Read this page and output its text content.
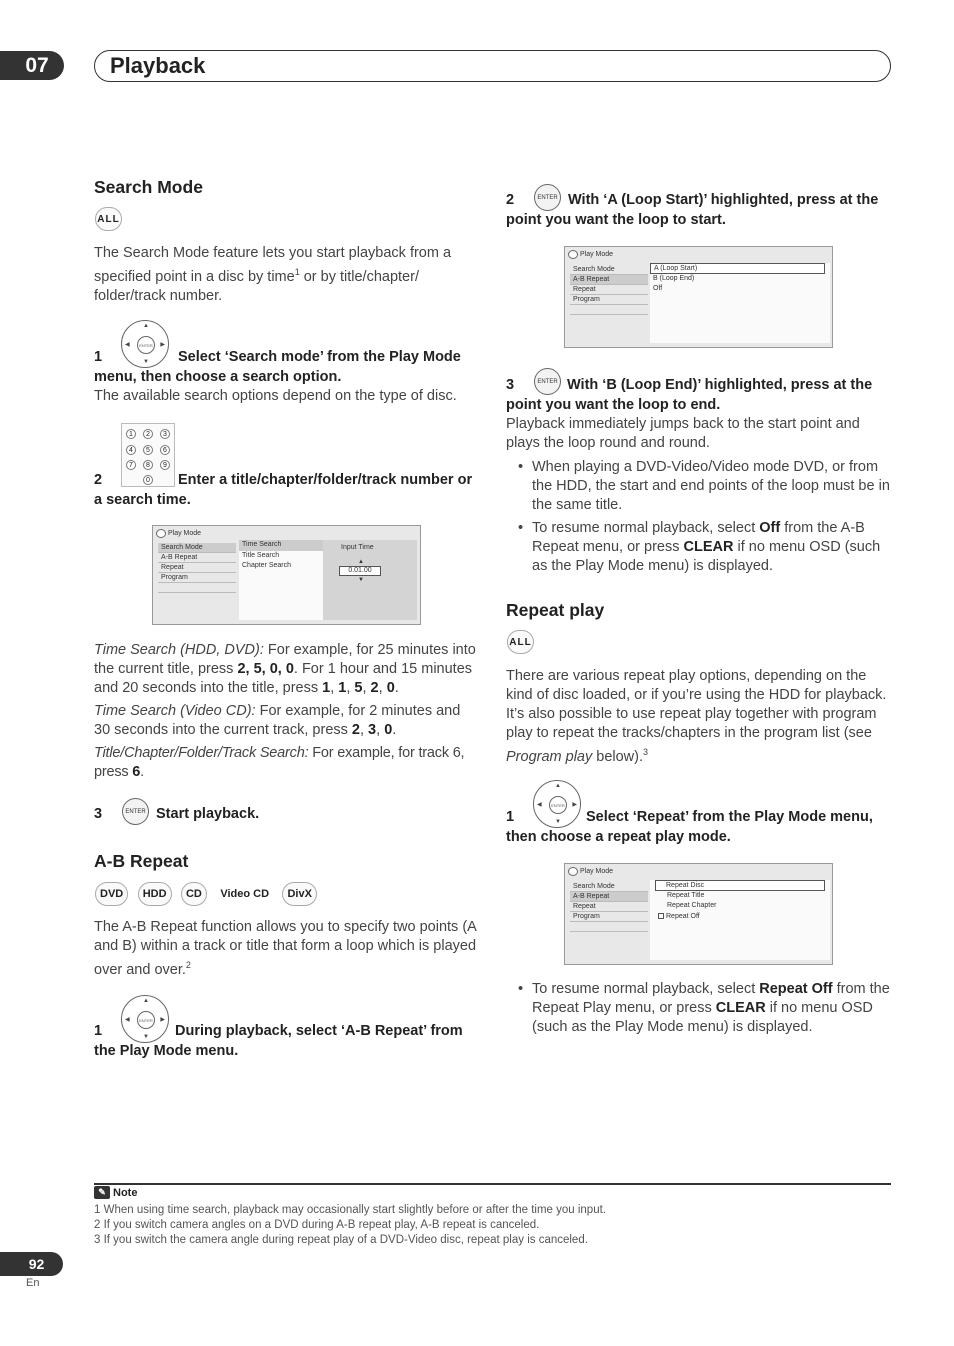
07	Playback
Search Mode
ALL

The Search Mode feature lets you start playback from a specified point in a disc by time$^1$ or by title/chapter/ folder/track number.

ENTER
▲
▼
◀	▶
1	Select ‘Search mode’ from the Play Mode menu, then choose a search option.

The available search options depend on the type of disc.

1	2	3
4	5	6
7	8	9
0
2	Enter a title/chapter/folder/track number or a search time.
Play Mode
Search Mode
A-B Repeat
Repeat
Program
Time Search
Title Search
Chapter Search
Input Time
▲
0.01.00
▼

Time Search (HDD, DVD): For example, for 25 minutes into the current title, press 2, 5, 0, 0. For 1 hour and 15 minutes and 20 seconds into the title, press 1, 1, 5, 2, 0.

Time Search (Video CD): For example, for 2 minutes and 30 seconds into the current track, press 2, 3, 0.

Title/Chapter/Folder/Track Search: For example, for track 6, press 6.

ENTER
3	Start playback.
A-B Repeat
DVD HDD CD Video CD DivX

The A-B Repeat function allows you to specify two points (A and B) within a track or title that form a loop which is played over and over.$^2$

ENTER
▲
▼
◀	▶
1	During playback, select ‘A-B Repeat’ from the Play Mode menu.
ENTER
2	With ‘A (Loop Start)’ highlighted, press at the point you want the loop to start.
Play Mode
Search Mode
A-B Repeat
Repeat
Program
A (Loop Start)
B (Loop End)
Off
ENTER
3	With ‘B (Loop End)’ highlighted, press at the point you want the loop to end.

Playback immediately jumps back to the start point and plays the loop round and round.

• When playing a DVD-Video/Video mode DVD, or from the HDD, the start and end points of the loop must be in the same title.
• To resume normal playback, select Off from the A-B Repeat menu, or press CLEAR if no menu OSD (such as the Play Mode menu) is displayed.
Repeat play
ALL

There are various repeat play options, depending on the kind of disc loaded, or if you’re using the HDD for playback. It’s also possible to use repeat play together with program play to repeat the tracks/chapters in the program list (see Program play below).$^3$

ENTER
▲
▼
◀	▶
1	Select ‘Repeat’ from the Play Mode menu, then choose a repeat play mode.
Play Mode
Search Mode
A-B Repeat
Repeat
Program
Repeat Disc
Repeat Title
Repeat Chapter
Repeat Off
• To resume normal playback, select Repeat Off from the Repeat Play menu, or press CLEAR if no menu OSD (such as the Play Mode menu) is displayed.
✎ Note
1 When using time search, playback may occasionally start slightly before or after the time you input.
2 If you switch camera angles on a DVD during A-B repeat play, A-B repeat is canceled.
3 If you switch the camera angle during repeat play of a DVD-Video disc, repeat play is canceled.
92
En
